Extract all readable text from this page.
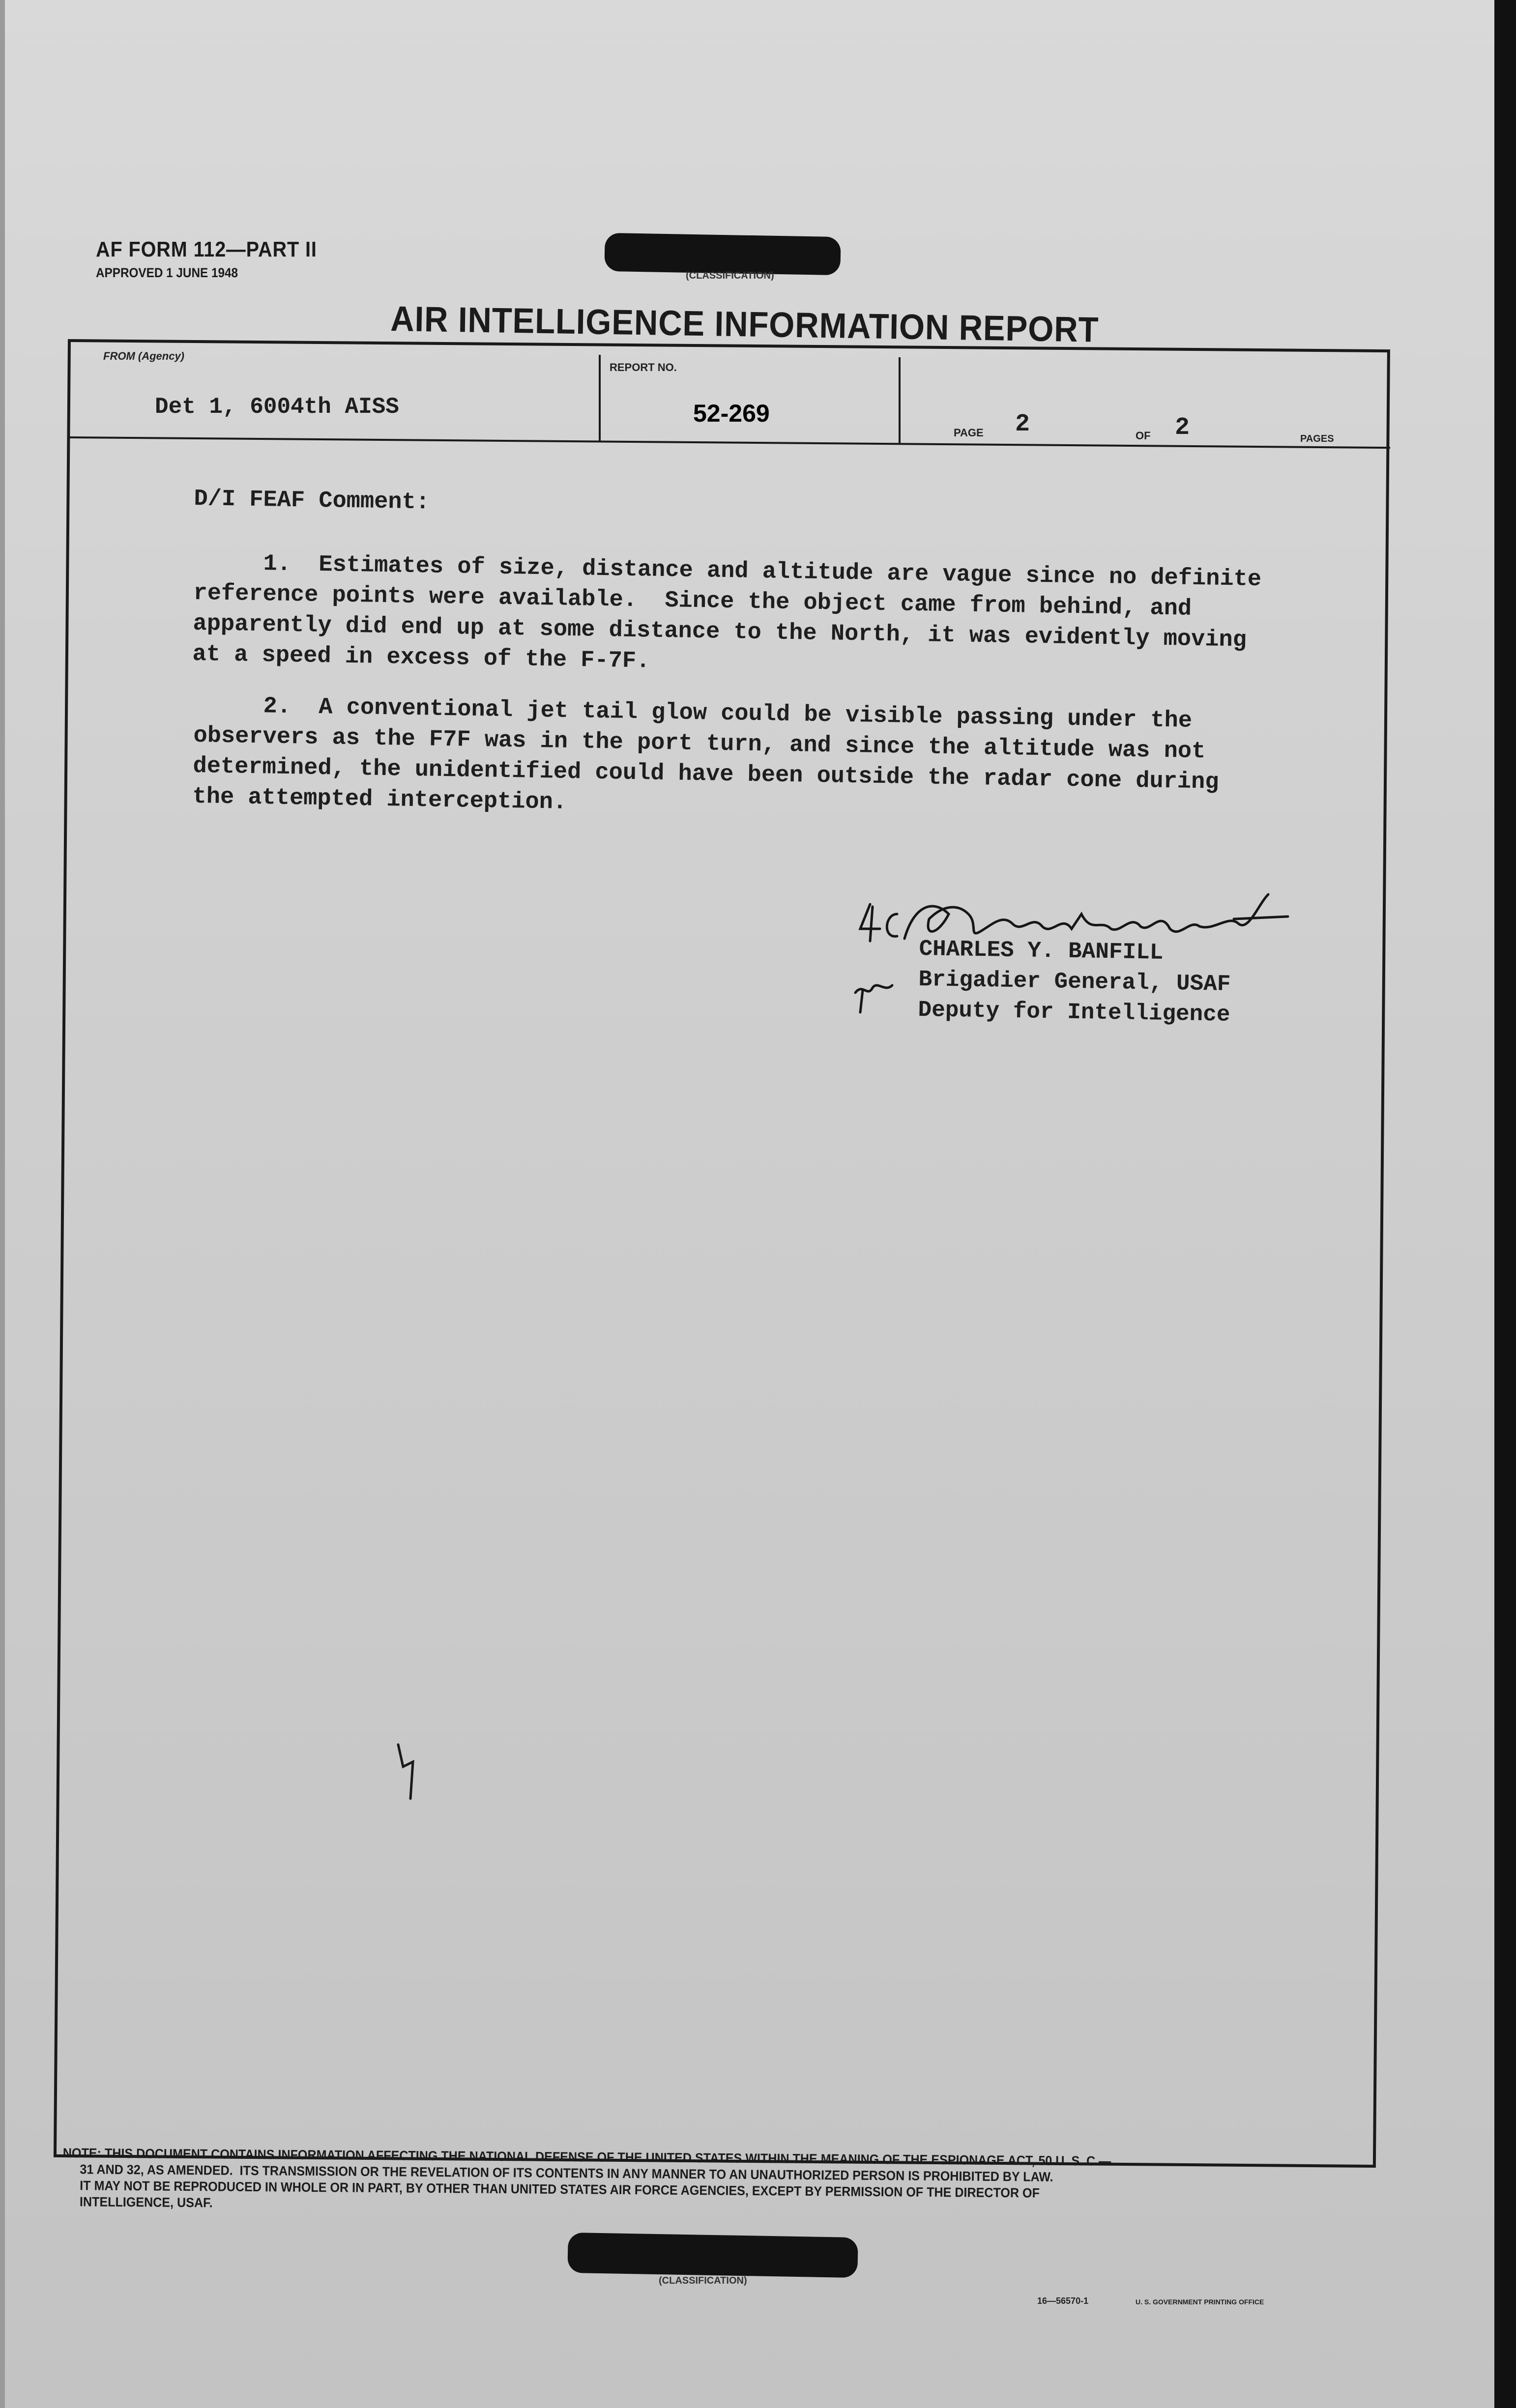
AF FORM 112—PART II
APPROVED 1 JUNE 1948	(CLASSIFICATION)
AIR INTELLIGENCE INFORMATION REPORT
FROM (Agency)
Det 1, 6004th AISS
REPORT NO.
52-269
PAGE 2	OF 2	PAGES
D/I FEAF Comment:
1.  Estimates of size, distance and altitude are vague since no definite
reference points were available.  Since the object came from behind, and
apparently did end up at some distance to the North, it was evidently moving
at a speed in excess of the F-7F.
2.  A conventional jet tail glow could be visible passing under the
observers as the F7F was in the port turn, and since the altitude was not
determined, the unidentified could have been outside the radar cone during
the attempted interception.
CHARLES Y. BANFILL
Brigadier General, USAF
Deputy for Intelligence
NOTE: THIS DOCUMENT CONTAINS INFORMATION AFFECTING THE NATIONAL DEFENSE OF THE UNITED STATES WITHIN THE MEANING OF THE ESPIONAGE ACT, 50 U. S. C.—
31 AND 32, AS AMENDED.  ITS TRANSMISSION OR THE REVELATION OF ITS CONTENTS IN ANY MANNER TO AN UNAUTHORIZED PERSON IS PROHIBITED BY LAW.
IT MAY NOT BE REPRODUCED IN WHOLE OR IN PART, BY OTHER THAN UNITED STATES AIR FORCE AGENCIES, EXCEPT BY PERMISSION OF THE DIRECTOR OF
INTELLIGENCE, USAF.
(CLASSIFICATION)
16—56570-1	U. S. GOVERNMENT PRINTING OFFICE
